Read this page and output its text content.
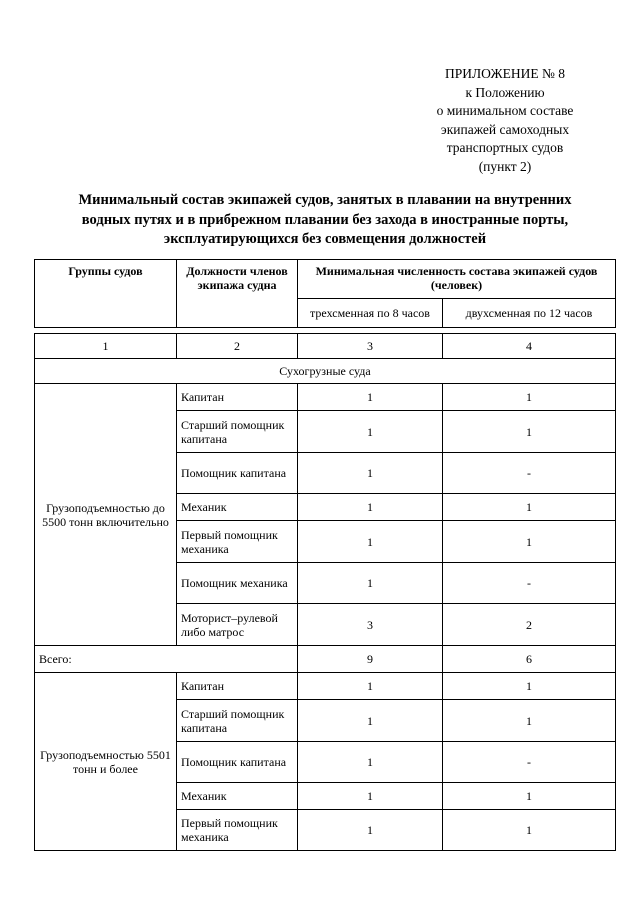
ПРИЛОЖЕНИЕ № 8
к Положению
о минимальном составе
экипажей самоходных
транспортных судов
(пункт 2)
Минимальный состав экипажей судов, занятых в плавании на внутренних
водных путях и в прибрежном плавании без захода в иностранные порты,
эксплуатирующихся без совмещения должностей
Группы судов	Должности членов экипажа судна	Минимальная численность состава экипажей судов (человек)	
		трехсменная по 8 часов	двухсменная по 12 часов

1	2	3	4
Сухогрузные суда			
Грузоподъемностью до 5500 тонн включительно	Капитан	1	1
	Старший помощник капитана	1	1
	Помощник капитана	1	-
	Механик	1	1
	Первый помощник механика	1	1
	Помощник механика	1	-
	Моторист–рулевой либо матрос	3	2
Всего:		9	6
Грузоподъемностью 5501 тонн и более	Капитан	1	1
	Старший помощник капитана	1	1
	Помощник капитана	1	-
	Механик	1	1
	Первый помощник механика	1	1
